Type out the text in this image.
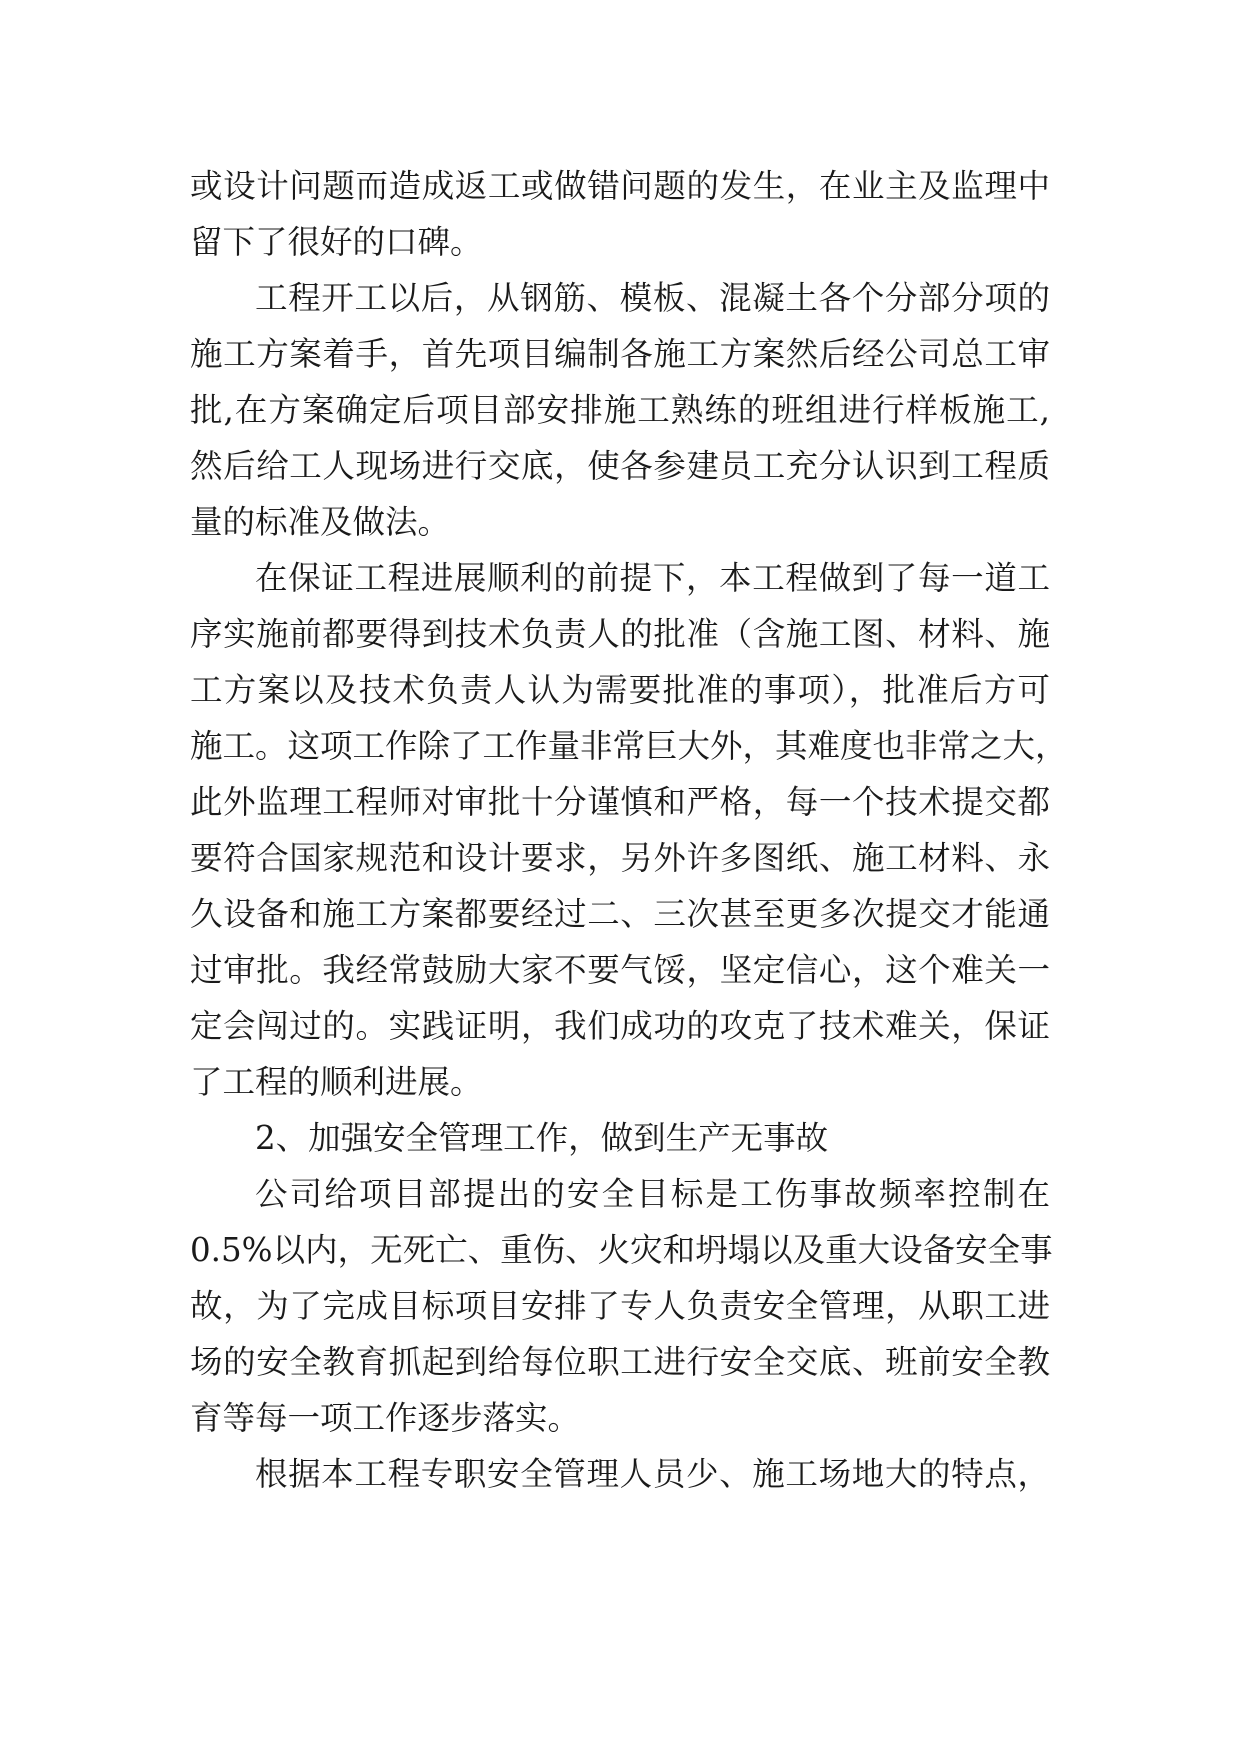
或设计问题而造成返工或做错问题的发生，在业主及监理中
留下了很好的口碑。
工程开工以后，从钢筋、模板、混凝土各个分部分项的
施工方案着手，首先项目编制各施工方案然后经公司总工审
批,在方案确定后项目部安排施工熟练的班组进行样板施工,
然后给工人现场进行交底，使各参建员工充分认识到工程质
量的标准及做法。
在保证工程进展顺利的前提下，本工程做到了每一道工
序实施前都要得到技术负责人的批准（含施工图、材料、施
工方案以及技术负责人认为需要批准的事项），批准后方可
施工。这项工作除了工作量非常巨大外，其难度也非常之大，
此外监理工程师对审批十分谨慎和严格，每一个技术提交都
要符合国家规范和设计要求，另外许多图纸、施工材料、永
久设备和施工方案都要经过二、三次甚至更多次提交才能通
过审批。我经常鼓励大家不要气馁，坚定信心，这个难关一
定会闯过的。实践证明，我们成功的攻克了技术难关，保证
了工程的顺利进展。
2、加强安全管理工作，做到生产无事故
公司给项目部提出的安全目标是工伤事故频率控制在
0.5%以内，无死亡、重伤、火灾和坍塌以及重大设备安全事
故，为了完成目标项目安排了专人负责安全管理，从职工进
场的安全教育抓起到给每位职工进行安全交底、班前安全教
育等每一项工作逐步落实。
根据本工程专职安全管理人员少、施工场地大的特点，
